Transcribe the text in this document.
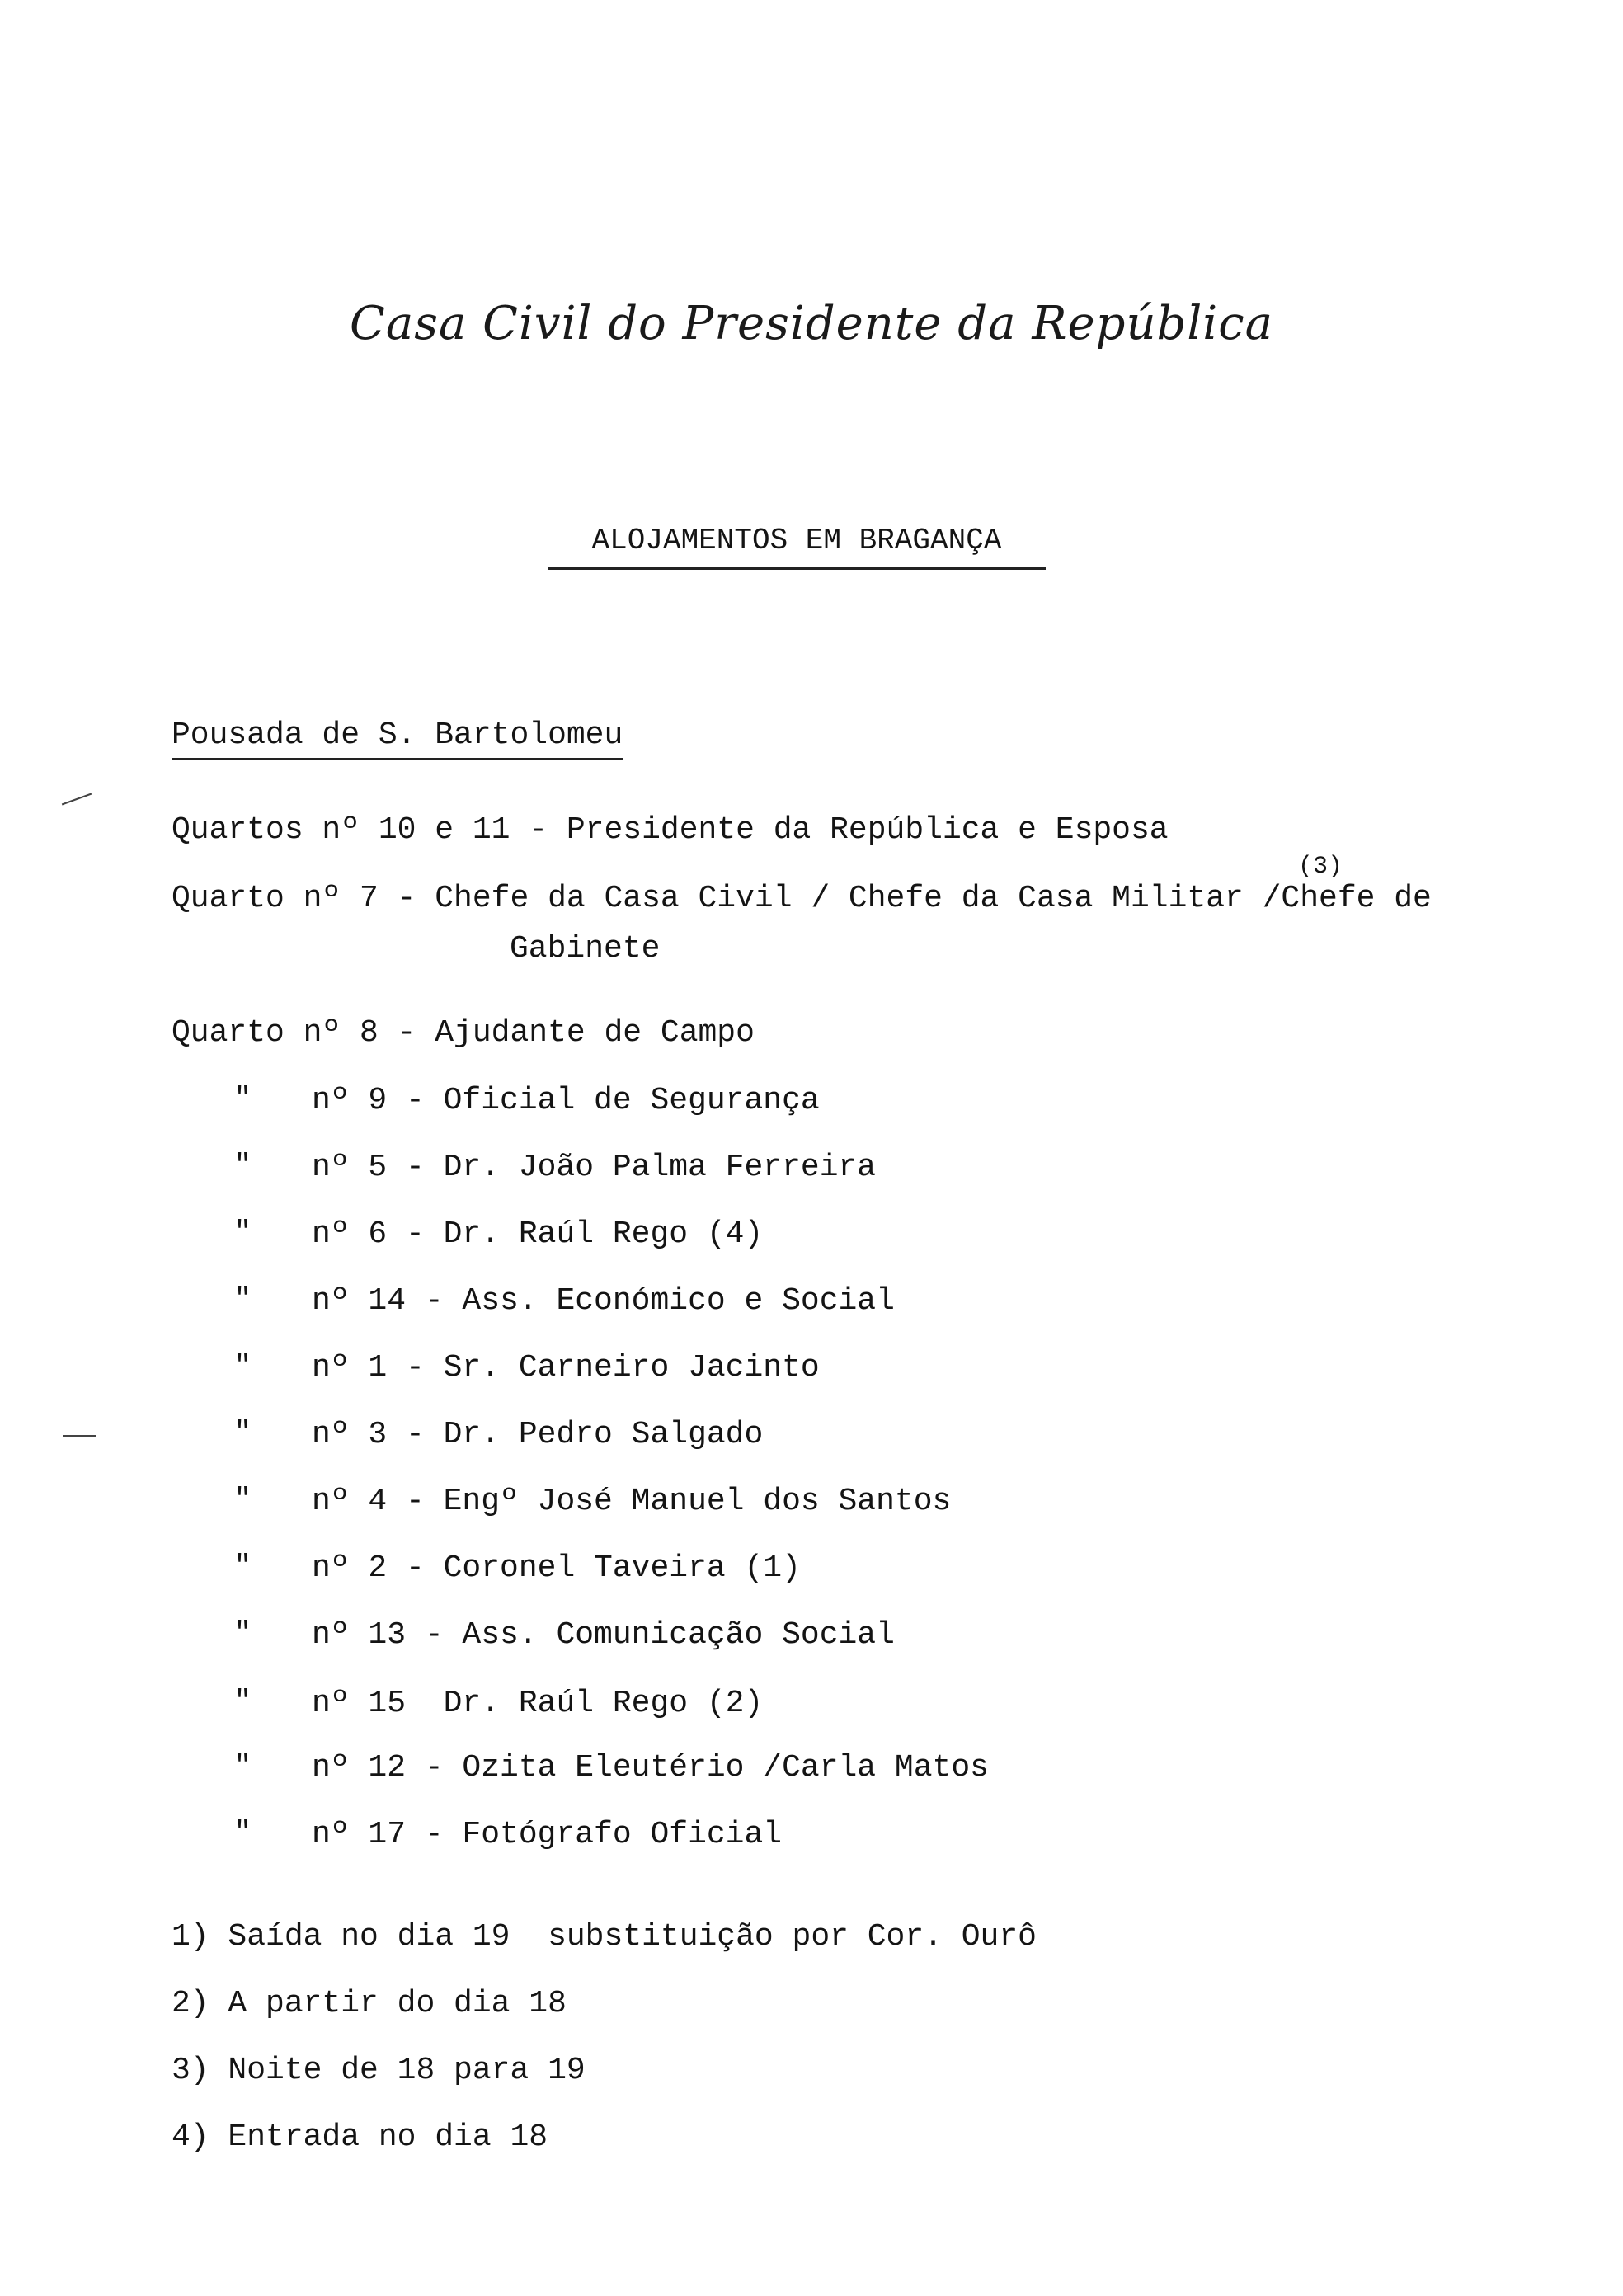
Casa Civil do Presidente da República
ALOJAMENTOS EM BRAGANÇA
Pousada de S. Bartolomeu
Quartos nº 10 e 11 - Presidente da República e Esposa
(3)
Quarto nº 7 - Chefe da Casa Civil / Chefe da Casa Militar /Chefe de
Gabinete
Quarto nº 8 - Ajudante de Campo
" nº 9 - Oficial de Segurança
" nº 5 - Dr. João Palma Ferreira
" nº 6 - Dr. Raúl Rego (4)
" nº 14 - Ass. Económico e Social
" nº 1 - Sr. Carneiro Jacinto
" nº 3 - Dr. Pedro Salgado
" nº 4 - Engº José Manuel dos Santos
" nº 2 - Coronel Taveira (1)
" nº 13 - Ass. Comunicação Social
" nº 15  Dr. Raúl Rego (2)
" nº 12 - Ozita Eleutério /Carla Matos
" nº 17 - Fotógrafo Oficial
1) Saída no dia 19  substituição por Cor. Ourô
2) A partir do dia 18
3) Noite de 18 para 19
4) Entrada no dia 18
